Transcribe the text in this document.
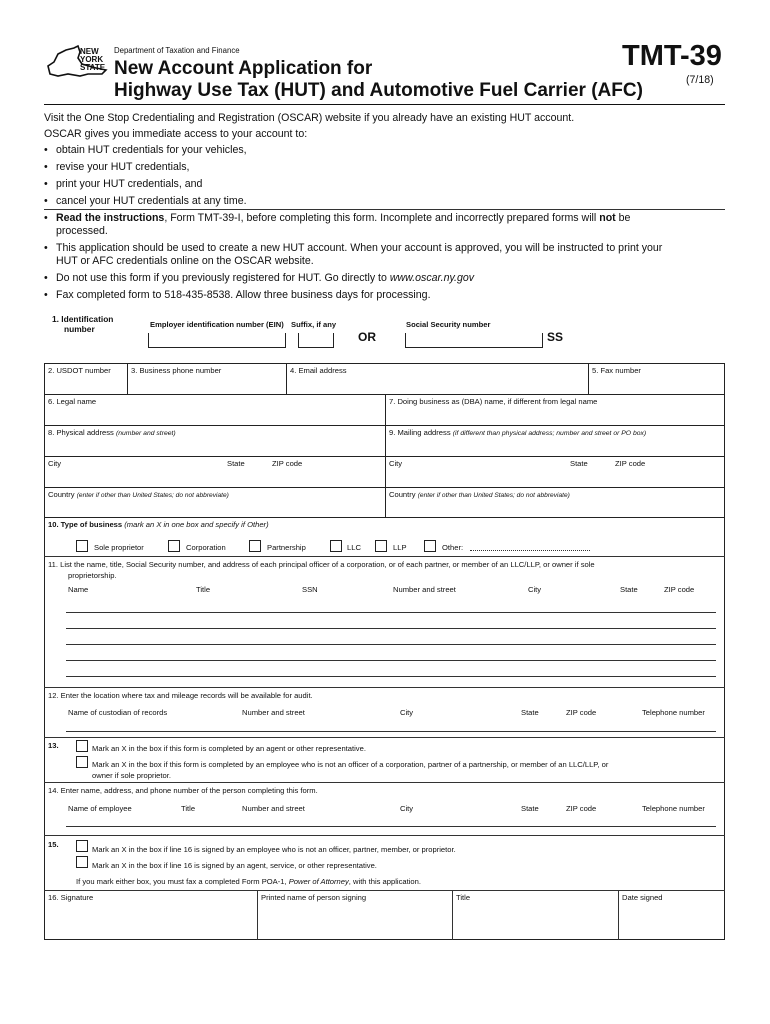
NEW YORK STATE
Department of Taxation and Finance
New Account Application for
Highway Use Tax (HUT) and Automotive Fuel Carrier (AFC)
TMT-39
(7/18)
Visit the One Stop Credentialing and Registration (OSCAR) website if you already have an existing HUT account.
OSCAR gives you immediate access to your account to:
• obtain HUT credentials for your vehicles,
• revise your HUT credentials,
• print your HUT credentials, and
• cancel your HUT credentials at any time.
• Read the instructions, Form TMT-39-I, before completing this form. Incomplete and incorrectly prepared forms will not be
processed.
• This application should be used to create a new HUT account. When your account is approved, you will be instructed to print your
HUT or AFC credentials online on the OSCAR website.
• Do not use this form if you previously registered for HUT. Go directly to www.oscar.ny.gov
• Fax completed form to 518-435-8538. Allow three business days for processing.
1. Identification
number	Employer identification number (EIN) Suffix, if any
OR
Social Security number
SS
2. USDOT number	3. Business phone number	4. Email address	5. Fax number
6. Legal name	7. Doing business as (DBA) name, if different from legal name
8. Physical address (number and street)	9. Mailing address (if different than physical address; number and street or PO box)
City	State	ZIP code	City	State	ZIP code
Country (enter if other than United States; do not abbreviate)	Country (enter if other than United States; do not abbreviate)
10. Type of business (mark an X in one box and specify if Other)
Sole proprietor	Corporation	Partnership	LLC	LLP	Other:
11. List the name, title, Social Security number, and address of each principal officer of a corporation, or of each partner, or member of an LLC/LLP, or owner if sole
proprietorship.
Name	Title	SSN	Number and street	City	State	ZIP code
12. Enter the location where tax and mileage records will be available for audit.
Name of custodian of records	Number and street	City	State	ZIP code	Telephone number
13.	Mark an X in the box if this form is completed by an agent or other representative.
Mark an X in the box if this form is completed by an employee who is not an officer of a corporation, partner of a partnership, or member of an LLC/LLP, or
owner if sole proprietor.
14. Enter name, address, and phone number of the person completing this form.
Name of employee	Title	Number and street	City	State	ZIP code	Telephone number
15.
Mark an X in the box if line 16 is signed by an employee who is not an officer, partner, member, or proprietor.
Mark an X in the box if line 16 is signed by an agent, service, or other representative.
If you mark either box, you must fax a completed Form POA-1, Power of Attorney, with this application.
16. Signature	Printed name of person signing	Title	Date signed
